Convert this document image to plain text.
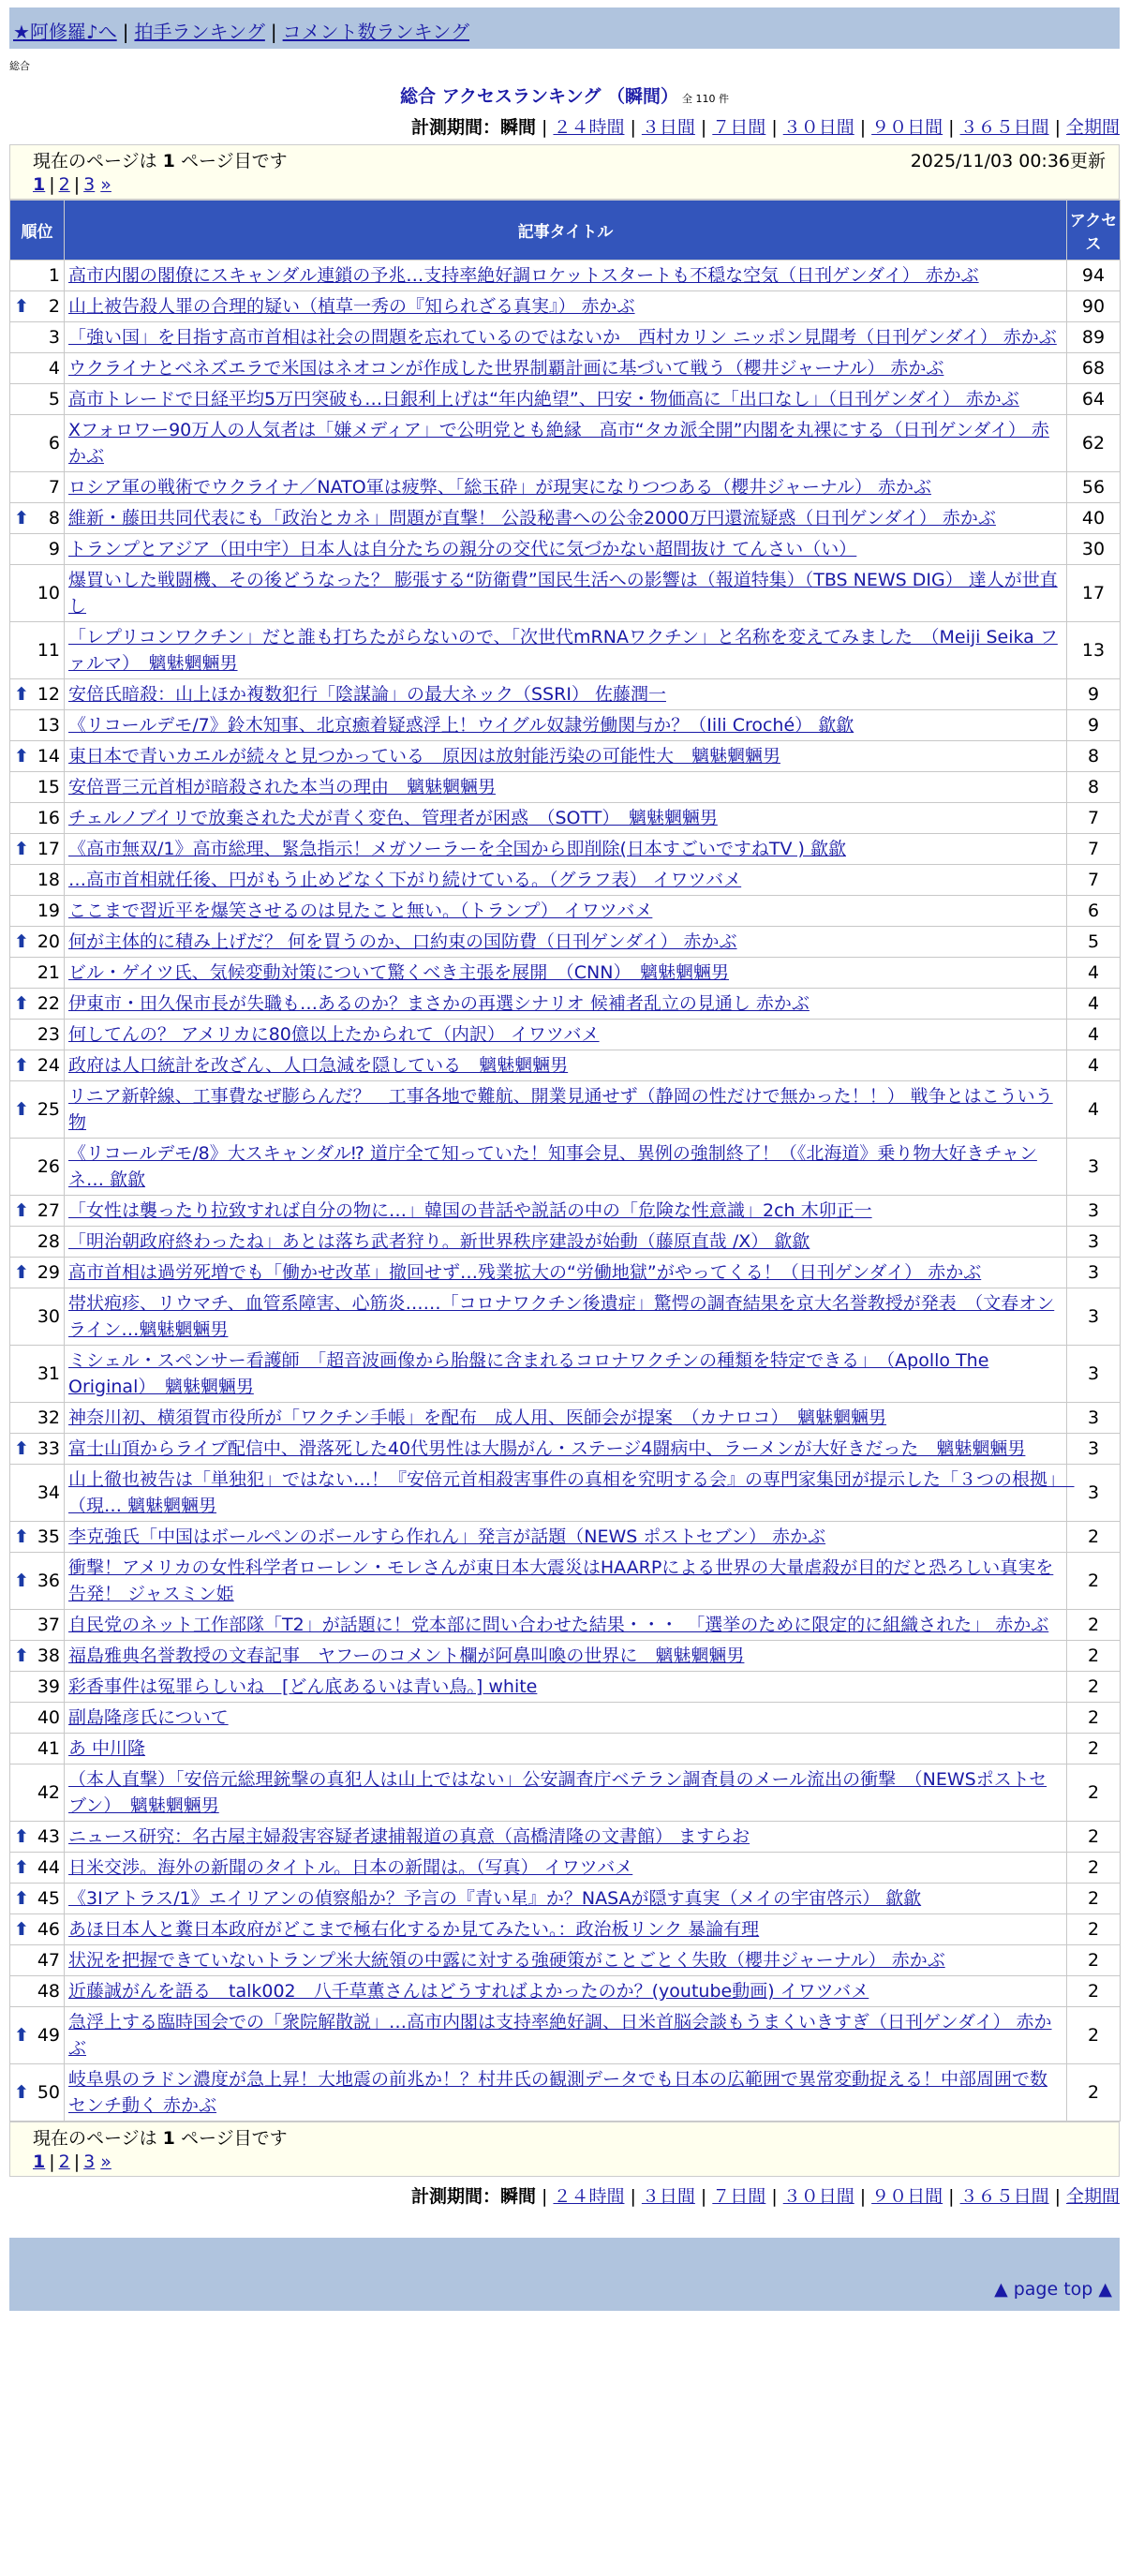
★阿修羅♪へ | 拍手ランキング | コメント数ランキング
総合
総合 アクセスランキング （瞬間） 全 110 件
計測期間：瞬間 | ２４時間 | ３日間 | ７日間 | ３０日間 | ９０日間 | ３６５日間 | 全期間
現在のページは 1 ページ目です	2025/11/03 00:36更新
1 | 2 | 3 »
順位	記事タイトル	アクセス
1	高市内閣の閣僚にスキャンダル連鎖の予兆…支持率絶好調ロケットスタートも不穏な空気（日刊ゲンダイ） 赤かぶ	94

⬆ 2	山上被告殺人罪の合理的疑い（植草一秀の『知られざる真実』） 赤かぶ	90
3	「強い国」を目指す高市首相は社会の問題を忘れているのではないか　西村カリン ニッポン見聞考（日刊ゲンダイ） 赤かぶ	89
4	ウクライナとベネズエラで米国はネオコンが作成した世界制覇計画に基づいて戦う（櫻井ジャーナル） 赤かぶ	68
5	高市トレードで日経平均5万円突破も…日銀利上げは“年内絶望”、円安・物価高に「出口なし」（日刊ゲンダイ） 赤かぶ	64
6	Xフォロワー90万人の人気者は「嫌メディア」で公明党とも絶縁　高市“タカ派全開”内閣を丸裸にする（日刊ゲンダイ） 赤かぶ	62
7	ロシア軍の戦術でウクライナ／NATO軍は疲弊、「総玉砕」が現実になりつつある（櫻井ジャーナル） 赤かぶ	56

⬆ 8	維新・藤田共同代表にも「政治とカネ」問題が直撃！ 公設秘書への公金2000万円還流疑惑（日刊ゲンダイ） 赤かぶ	40
9	トランプとアジア（田中宇）日本人は自分たちの親分の交代に気づかない超間抜け てんさい（い）	30
10	爆買いした戦闘機、その後どうなった？ 膨張する“防衛費”国民生活への影響は（報道特集）（TBS NEWS DIG） 達人が世直し	17
11	「レプリコンワクチン」だと誰も打ちたがらないので、「次世代mRNAワクチン」と名称を変えてみました　（Meiji Seika ファルマ）　魑魅魍魎男	13

⬆ 12	安倍氏暗殺：山上ほか複数犯行「陰謀論」の最大ネック（SSRI） 佐藤潤一	9
13	《リコールデモ/7》鈴木知事、北京癒着疑惑浮上！ウイグル奴隷労働関与か？（Iili Croché） 歙歙	9

⬆ 14	東日本で青いカエルが続々と見つかっている　原因は放射能汚染の可能性大　魑魅魍魎男	8
15	安倍晋三元首相が暗殺された本当の理由　魑魅魍魎男	8
16	チェルノブイリで放棄された犬が青く変色、管理者が困惑　（SOTT）　魑魅魍魎男	7

⬆ 17	《高市無双/1》高市総理、緊急指示！メガソーラーを全国から即削除(日本すごいですねTV ) 歙歙	7
18	…高市首相就任後、円がもう止めどなく下がり続けている。（グラフ表） イワツバメ	7
19	ここまで習近平を爆笑させるのは見たこと無い。（トランプ） イワツバメ	6

⬆ 20	何が主体的に積み上げだ？ 何を買うのか、口約束の国防費（日刊ゲンダイ） 赤かぶ	5
21	ビル・ゲイツ氏、気候変動対策について驚くべき主張を展開　（CNN）　魑魅魍魎男	4

⬆ 22	伊東市・田久保市長が失職も…あるのか？まさかの再選シナリオ 候補者乱立の見通し 赤かぶ	4
23	何してんの？ アメリカに80億以上たかられて（内訳） イワツバメ	4

⬆ 24	政府は人口統計を改ざん、人口急減を隠している　魑魅魍魎男	4

⬆ 25	リニア新幹線、工事費なぜ膨らんだ？　工事各地で難航、開業見通せず（静岡の性だけで無かった！！） 戦争とはこういう物	4
26	《リコールデモ/8》大スキャンダル⁉ 道庁全て知っていた！知事会見、異例の強制終了！（《北海道》乗り物大好きチャンネ… 歙歙	3

⬆ 27	「女性は襲ったり拉致すれば自分の物に…」韓国の昔話や説話の中の「危険な性意識」2ch 木卯正一	3
28	「明治朝政府終わったね」あとは落ち武者狩り。新世界秩序建設が始動（藤原直哉 /X） 歙歙	3

⬆ 29	高市首相は過労死増でも「働かせ改革」撤回せず…残業拡大の“労働地獄”がやってくる！（日刊ゲンダイ） 赤かぶ	3
30	帯状疱疹、リウマチ、血管系障害、心筋炎……「コロナワクチン後遺症」驚愕の調査結果を京大名誉教授が発表　（文春オンライン…魑魅魍魎男	3
31	ミシェル・スペンサー看護師　「超音波画像から胎盤に含まれるコロナワクチンの種類を特定できる」　（Apollo The Original）　魑魅魍魎男	3
32	神奈川初、横須賀市役所が「ワクチン手帳」を配布　成人用、医師会が提案　（カナロコ）　魑魅魍魎男	3

⬆ 33	富士山頂からライブ配信中、滑落死した40代男性は大腸がん・ステージ4闘病中、ラーメンが大好きだった　魑魅魍魎男	3
34	山上徹也被告は「単独犯」ではない…！『安倍元首相殺害事件の真相を究明する会』の専門家集団が提示した「３つの根拠」　（現… 魑魅魍魎男	3

⬆ 35	李克強氏「中国はボールペンのボールすら作れん」発言が話題（NEWS ポストセブン） 赤かぶ	2

⬆ 36	衝撃！アメリカの女性科学者ローレン・モレさんが東日本大震災はHAARPによる世界の大量虐殺が目的だと恐ろしい真実を告発！ ジャスミン姫	2
37	自民党のネット工作部隊「T2」が話題に！党本部に問い合わせた結果・・・　「選挙のために限定的に組織された」 赤かぶ	2

⬆ 38	福島雅典名誉教授の文春記事　ヤフーのコメント欄が阿鼻叫喚の世界に　魑魅魍魎男	2
39	彩香事件は冤罪らしいね　[どん底あるいは青い鳥。] white	2
40	副島隆彦氏について	2
41	あ 中川隆	2
42	（本人直撃）「安倍元総理銃撃の真犯人は山上ではない」公安調査庁ベテラン調査員のメール流出の衝撃　（NEWSポストセブン）　魑魅魍魎男	2

⬆ 43	ニュース研究：名古屋主婦殺害容疑者逮捕報道の真意（高橋清隆の文書館） ますらお	2

⬆ 44	日米交渉。海外の新聞のタイトル。日本の新聞は。（写真） イワツバメ	2

⬆ 45	《3Iアトラス/1》エイリアンの偵察船か？予言の『青い星』か？NASAが隠す真実（メイの宇宙啓示） 歙歙	2

⬆ 46	あほ日本人と糞日本政府がどこまで極右化するか見てみたい。：政治板リンク 暴論有理	2
47	状況を把握できていないトランプ米大統領の中露に対する強硬策がことごとく失敗（櫻井ジャーナル） 赤かぶ	2
48	近藤誠がんを語る　talk002　八千草薫さんはどうすればよかったのか？(youtube動画) イワツバメ	2

⬆ 49	急浮上する臨時国会での「衆院解散説」…高市内閣は支持率絶好調、日米首脳会談もうまくいきすぎ（日刊ゲンダイ） 赤かぶ	2

⬆ 50	岐阜県のラドン濃度が急上昇！大地震の前兆か！？村井氏の観測データでも日本の広範囲で異常変動捉える！中部周囲で数センチ動く 赤かぶ	2
現在のページは 1 ページ目です
1 | 2 | 3 »
計測期間：瞬間 | ２４時間 | ３日間 | ７日間 | ３０日間 | ９０日間 | ３６５日間 | 全期間
▲ page top ▲
